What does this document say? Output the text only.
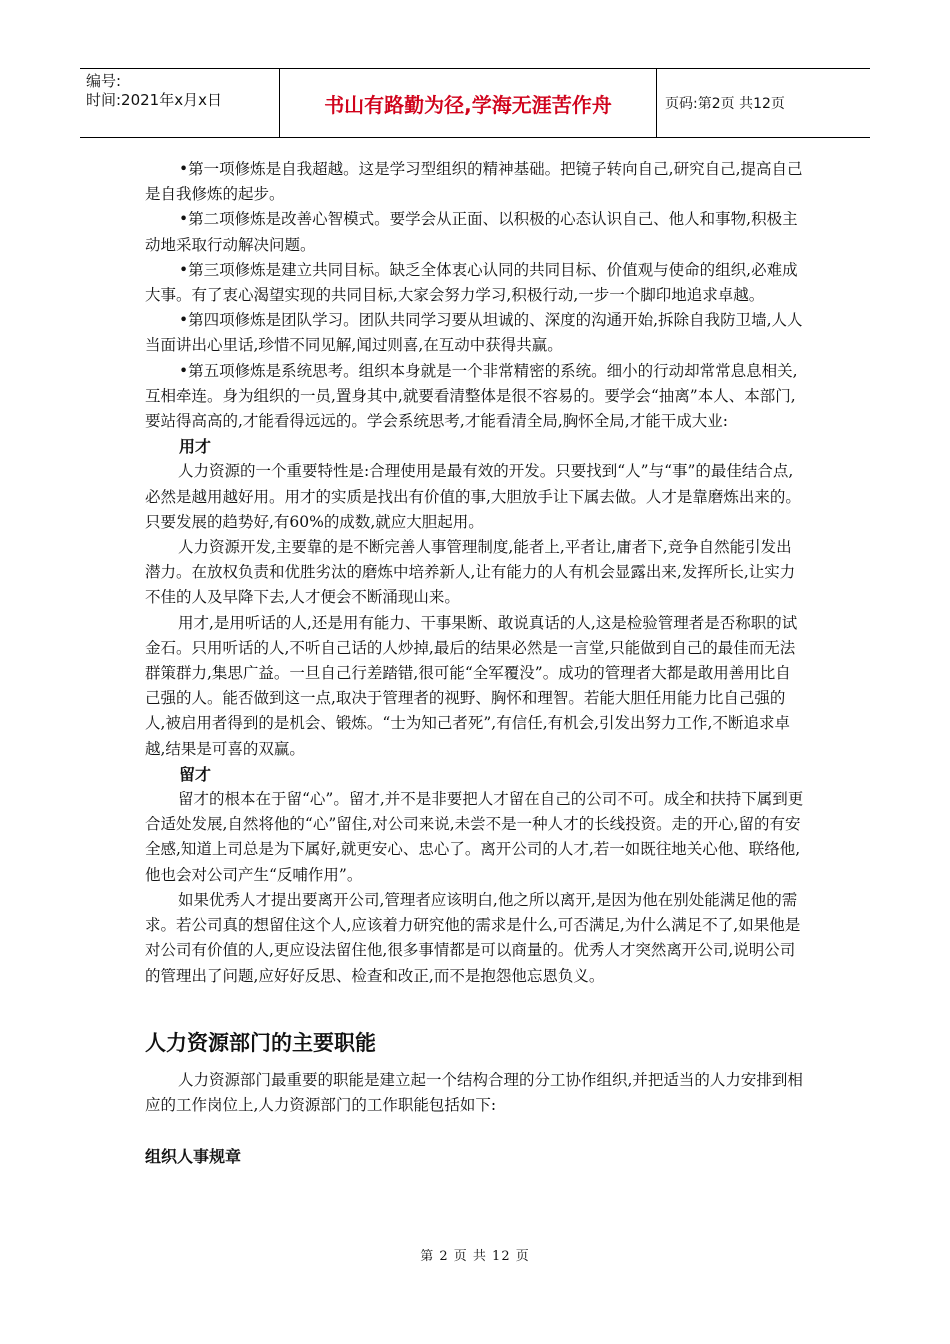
编号:
时间:2021年x月x日	书山有路勤为径,学海无涯苦作舟	页码:第2页 共12页

•第一项修炼是自我超越。这是学习型组织的精神基础。把镜子转向自己,研究自己,提高自己是自我修炼的起步。

•第二项修炼是改善心智模式。要学会从正面、以积极的心态认识自己、他人和事物,积极主动地采取行动解决问题。

•第三项修炼是建立共同目标。缺乏全体衷心认同的共同目标、价值观与使命的组织,必难成大事。有了衷心渴望实现的共同目标,大家会努力学习,积极行动,一步一个脚印地追求卓越。

•第四项修炼是团队学习。团队共同学习要从坦诚的、深度的沟通开始,拆除自我防卫墙,人人当面讲出心里话,珍惜不同见解,闻过则喜,在互动中获得共赢。

•第五项修炼是系统思考。组织本身就是一个非常精密的系统。细小的行动却常常息息相关,互相牵连。身为组织的一员,置身其中,就要看清整体是很不容易的。要学会“抽离”本人、本部门,要站得高高的,才能看得远远的。学会系统思考,才能看清全局,胸怀全局,才能干成大业:

用才

人力资源的一个重要特性是:合理使用是最有效的开发。只要找到“人”与“事”的最佳结合点,必然是越用越好用。用才的实质是找出有价值的事,大胆放手让下属去做。人才是靠磨炼出来的。只要发展的趋势好,有60%的成数,就应大胆起用。

人力资源开发,主要靠的是不断完善人事管理制度,能者上,平者让,庸者下,竞争自然能引发出潜力。在放权负责和优胜劣汰的磨炼中培养新人,让有能力的人有机会显露出来,发挥所长,让实力不佳的人及早降下去,人才便会不断涌现山来。

用才,是用听话的人,还是用有能力、干事果断、敢说真话的人,这是检验管理者是否称职的试金石。只用听话的人,不听自己话的人炒掉,最后的结果必然是一言堂,只能做到自己的最佳而无法群策群力,集思广益。一旦自己行差踏错,很可能“全军覆没”。成功的管理者大都是敢用善用比自己强的人。能否做到这一点,取决于管理者的视野、胸怀和理智。若能大胆任用能力比自己强的人,被启用者得到的是机会、锻炼。“士为知己者死”,有信任,有机会,引发出努力工作,不断追求卓越,结果是可喜的双赢。

留才

留才的根本在于留“心”。留才,并不是非要把人才留在自己的公司不可。成全和扶持下属到更合适处发展,自然将他的“心”留住,对公司来说,未尝不是一种人才的长线投资。走的开心,留的有安全感,知道上司总是为下属好,就更安心、忠心了。离开公司的人才,若一如既往地关心他、联络他,他也会对公司产生“反哺作用”。

如果优秀人才提出要离开公司,管理者应该明白,他之所以离开,是因为他在别处能满足他的需求。若公司真的想留住这个人,应该着力研究他的需求是什么,可否满足,为什么满足不了,如果他是对公司有价值的人,更应设法留住他,很多事情都是可以商量的。优秀人才突然离开公司,说明公司的管理出了问题,应好好反思、检查和改正,而不是抱怨他忘恩负义。

人力资源部门的主要职能

人力资源部门最重要的职能是建立起一个结构合理的分工协作组织,并把适当的人力安排到相应的工作岗位上,人力资源部门的工作职能包括如下:

组织人事规章
第 2 页 共 12 页
